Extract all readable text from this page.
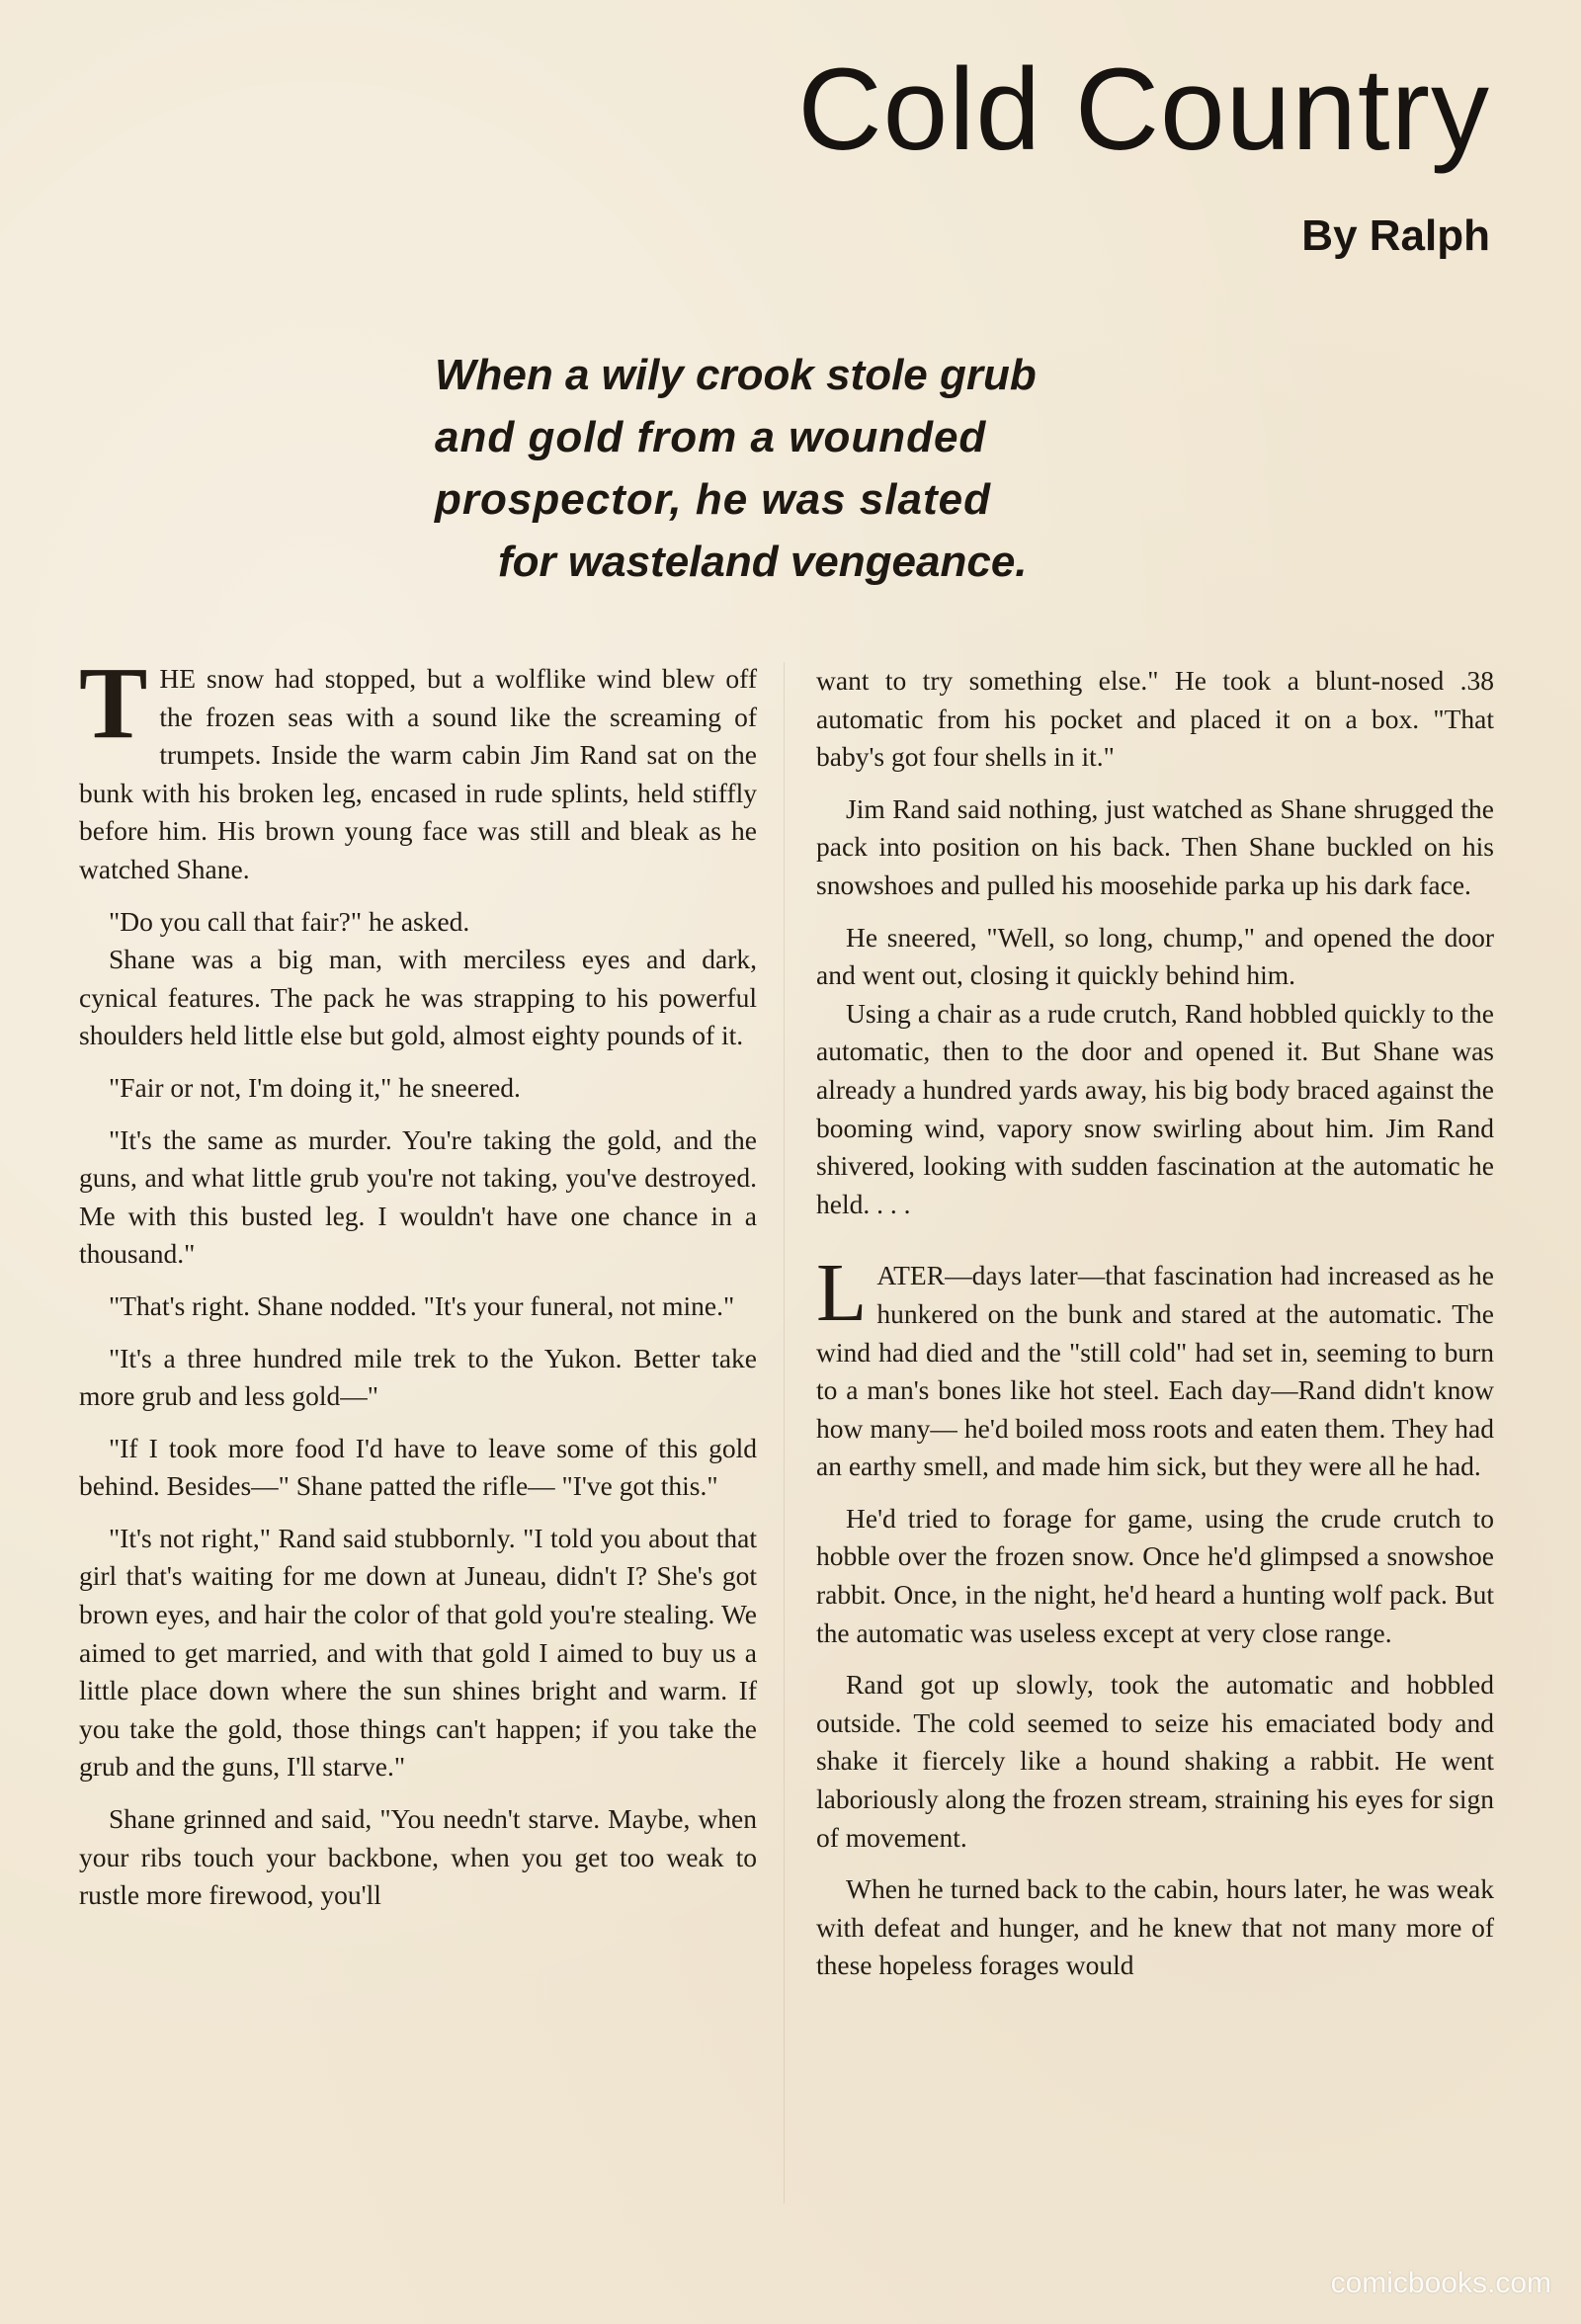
Cold Country
By Ralph
When a wily crook stole grub
and gold from a wounded
prospector, he was slated
for wasteland vengeance.

THE snow had stopped, but a wolflike wind blew off the frozen seas with a sound like the screaming of trumpets. Inside the warm cabin Jim Rand sat on the bunk with his broken leg, encased in rude splints, held stiffly before him. His brown young face was still and bleak as he watched Shane.

"Do you call that fair?" he asked.

Shane was a big man, with merciless eyes and dark, cynical features. The pack he was strapping to his powerful shoulders held little else but gold, almost eighty pounds of it.

"Fair or not, I'm doing it," he sneered.

"It's the same as murder. You're taking the gold, and the guns, and what little grub you're not taking, you've destroyed. Me with this busted leg. I wouldn't have one chance in a thousand."

"That's right. Shane nodded. "It's your funeral, not mine."

"It's a three hundred mile trek to the Yukon. Better take more grub and less gold—"

"If I took more food I'd have to leave some of this gold behind. Besides—" Shane patted the rifle— "I've got this."

"It's not right," Rand said stubbornly. "I told you about that girl that's waiting for me down at Juneau, didn't I? She's got brown eyes, and hair the color of that gold you're stealing. We aimed to get married, and with that gold I aimed to buy us a little place down where the sun shines bright and warm. If you take the gold, those things can't happen; if you take the grub and the guns, I'll starve."

Shane grinned and said, "You needn't starve. Maybe, when your ribs touch your backbone, when you get too weak to rustle more firewood, you'll

want to try something else." He took a blunt-nosed .38 automatic from his pocket and placed it on a box. "That baby's got four shells in it."

Jim Rand said nothing, just watched as Shane shrugged the pack into position on his back. Then Shane buckled on his snowshoes and pulled his moosehide parka up his dark face.

He sneered, "Well, so long, chump," and opened the door and went out, closing it quickly behind him.

Using a chair as a rude crutch, Rand hobbled quickly to the automatic, then to the door and opened it. But Shane was already a hundred yards away, his big body braced against the booming wind, vapory snow swirling about him. Jim Rand shivered, looking with sudden fascination at the automatic he held. . . .

LATER—days later—that fascination had increased as he hunkered on the bunk and stared at the automatic. The wind had died and the "still cold" had set in, seeming to burn to a man's bones like hot steel. Each day—Rand didn't know how many— he'd boiled moss roots and eaten them. They had an earthy smell, and made him sick, but they were all he had.

He'd tried to forage for game, using the crude crutch to hobble over the frozen snow. Once he'd glimpsed a snowshoe rabbit. Once, in the night, he'd heard a hunting wolf pack. But the automatic was useless except at very close range.

Rand got up slowly, took the automatic and hobbled outside. The cold seemed to seize his emaciated body and shake it fiercely like a hound shaking a rabbit. He went laboriously along the frozen stream, straining his eyes for sign of movement.

When he turned back to the cabin, hours later, he was weak with defeat and hunger, and he knew that not many more of these hopeless forages would

comicbooks.com
